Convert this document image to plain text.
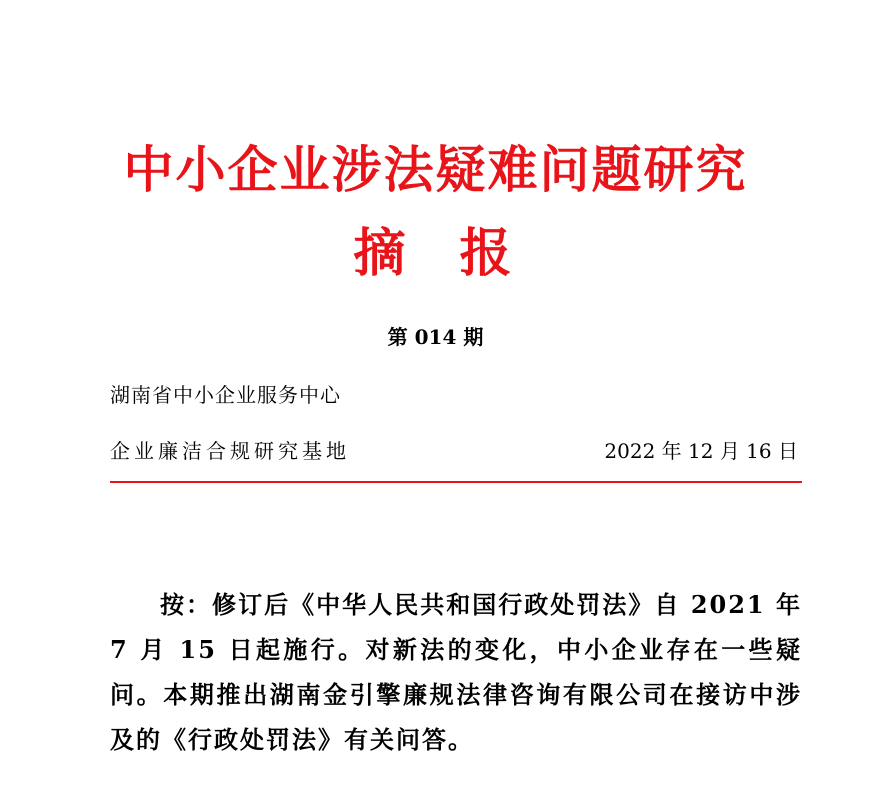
中小企业涉法疑难问题研究
摘 报
第 014 期
湖南省中小企业服务中心
企业廉洁合规研究基地	2022 年 12 月 16 日

按：修订后《中华人民共和国行政处罚法》自 2021 年 7 月 15 日起施行。对新法的变化，中小企业存在一些疑问。本期推出湖南金引擎廉规法律咨询有限公司在接访中涉及的《行政处罚法》有关问答。
